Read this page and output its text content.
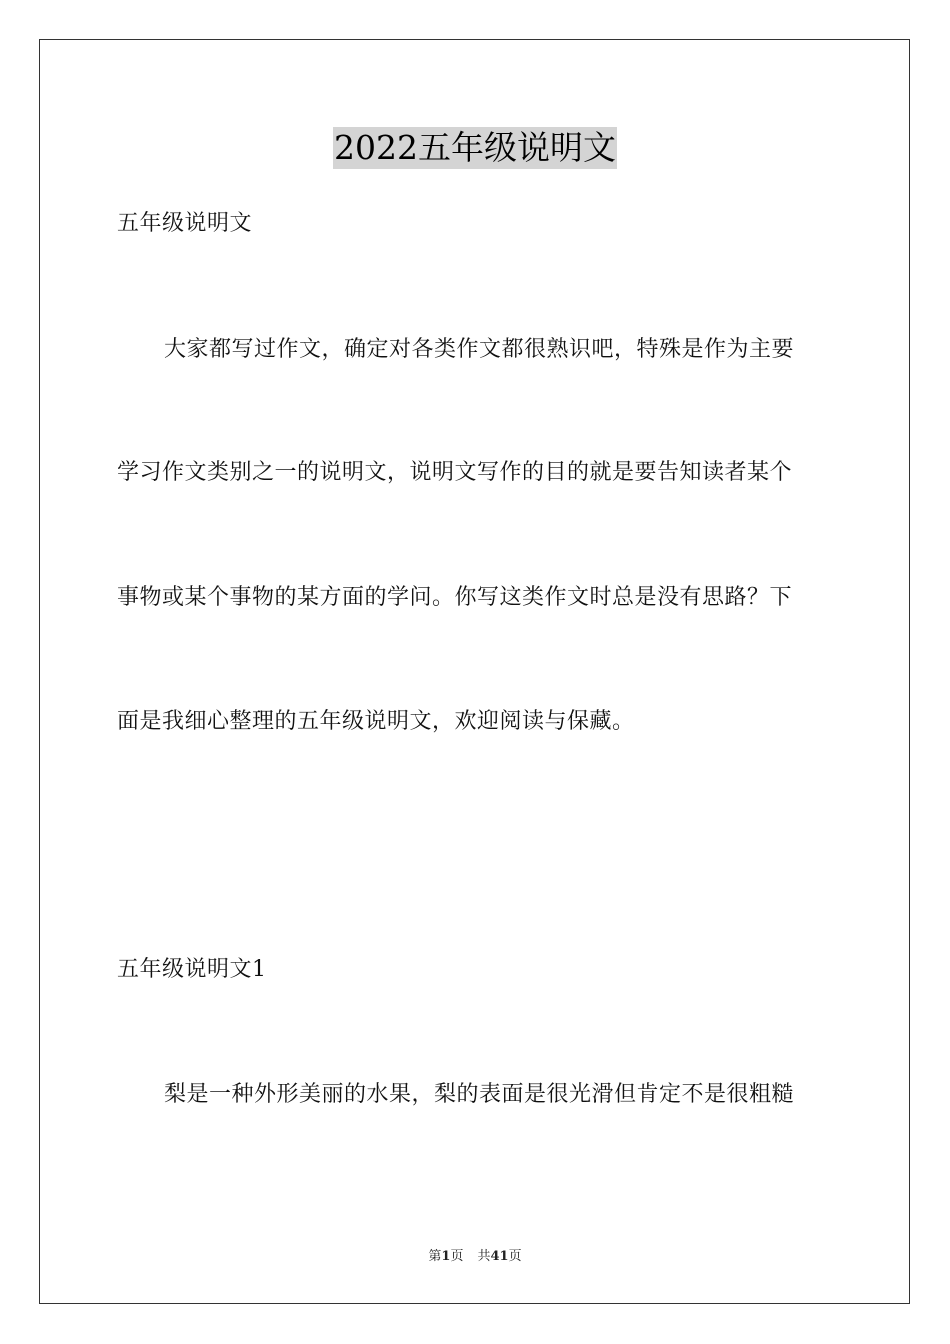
2022五年级说明文
五年级说明文
大家都写过作文，确定对各类作文都很熟识吧，特殊是作为主要
学习作文类别之一的说明文，说明文写作的目的就是要告知读者某个
事物或某个事物的某方面的学问。你写这类作文时总是没有思路？下
面是我细心整理的五年级说明文，欢迎阅读与保藏。
五年级说明文1
梨是一种外形美丽的水果，梨的表面是很光滑但肯定不是很粗糙
第1页 共41页
